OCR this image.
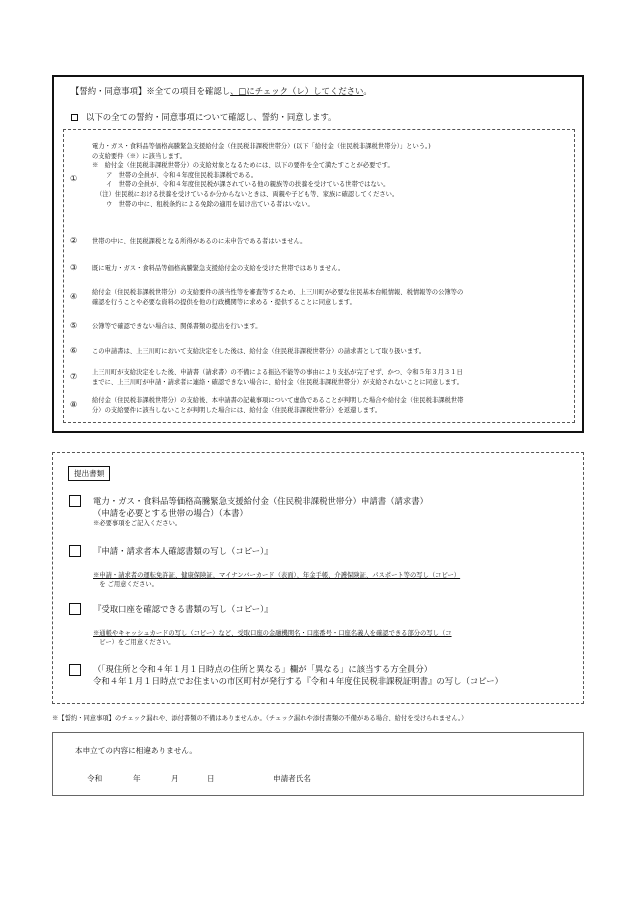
【誓約・同意事項】※全ての項目を確認し、□にチェック（レ）してください。
以下の全ての誓約・同意事項について確認し、誓約・同意します。
①
電力・ガス・食料品等価格高騰緊急支援給付金（住民税非課税世帯分）(以下「給付金（住民税非課税世帯分）」という。)
の支給要件（※）に該当します。
※　給付金（住民税非課税世帯分）の支給対象となるためには、以下の要件を全て満たすことが必要です。
ア　世帯の全員が、令和４年度住民税非課税である。
イ　世帯の全員が、令和４年度住民税が課されている他の親族等の扶養を受けている世帯ではない。
（注）住民税における扶養を受けているか分からないときは、両親や子ども等、家族に確認してください。
ウ　世帯の中に、租税条約による免除の適用を届け出ている者はいない。
② 世帯の中に、住民税課税となる所得があるのに未申告である者はいません。
③ 既に電力・ガス・食料品等価格高騰緊急支援給付金の支給を受けた世帯ではありません。
④ 給付金（住民税非課税世帯分）の支給要件の該当性等を審査等するため、上三川町が必要な住民基本台帳情報、税情報等の公簿等の
確認を行うことや必要な資料の提供を他の行政機関等に求める・提供することに同意します。
⑤ 公簿等で確認できない場合は、関係書類の提出を行います。
⑥ この申請書は、上三川町において支給決定をした後は、給付金（住民税非課税世帯分）の請求書として取り扱います。
⑦ 上三川町が支給決定をした後、申請書（請求書）の不備による振込不能等の事由により支払が完了せず、かつ、令和５年３月３１日
までに、上三川町が申請・請求者に連絡・確認できない場合に、給付金（住民税非課税世帯分）が支給されないことに同意します。
⑧ 給付金（住民税非課税世帯分）の支給後、本申請書の記載事項について虚偽であることが判明した場合や給付金（住民税非課税世帯
分）の支給要件に該当しないことが判明した場合には、給付金（住民税非課税世帯分）を返還します。
提出書類
電力・ガス・食料品等価格高騰緊急支援給付金（住民税非課税世帯分）申請書（請求書）
（申請を必要とする世帯の場合）（本書）
※必要事項をご記入ください。
『申請・請求者本人確認書類の写し（コピー）』
※申請・請求者の運転免許証、健康保険証、マイナンバーカード（表面）、年金手帳、介護保険証、パスポート等の写し（コピー）
　を ご用意ください。
『受取口座を確認できる書類の写し（コピー）』
※通帳やキャッシュカードの写し（コピー）など、受取口座の金融機関名・口座番号・口座名義人を確認できる部分の写し（コ
　ピー）をご用意ください。
（「現住所と令和４年１月１日時点の住所と異なる」欄が「異なる」に該当する方全員分）
令和４年１月１日時点でお住まいの市区町村が発行する『令和４年度住民税非課税証明書』の写し（コピー）
※【誓約・同意事項】のチェック漏れや、添付書類の不備はありませんか。（チェック漏れや添付書類の不備がある場合、給付を受けられません。）
本申立ての内容に相違ありません。
令和	年	月	日	申請者氏名
